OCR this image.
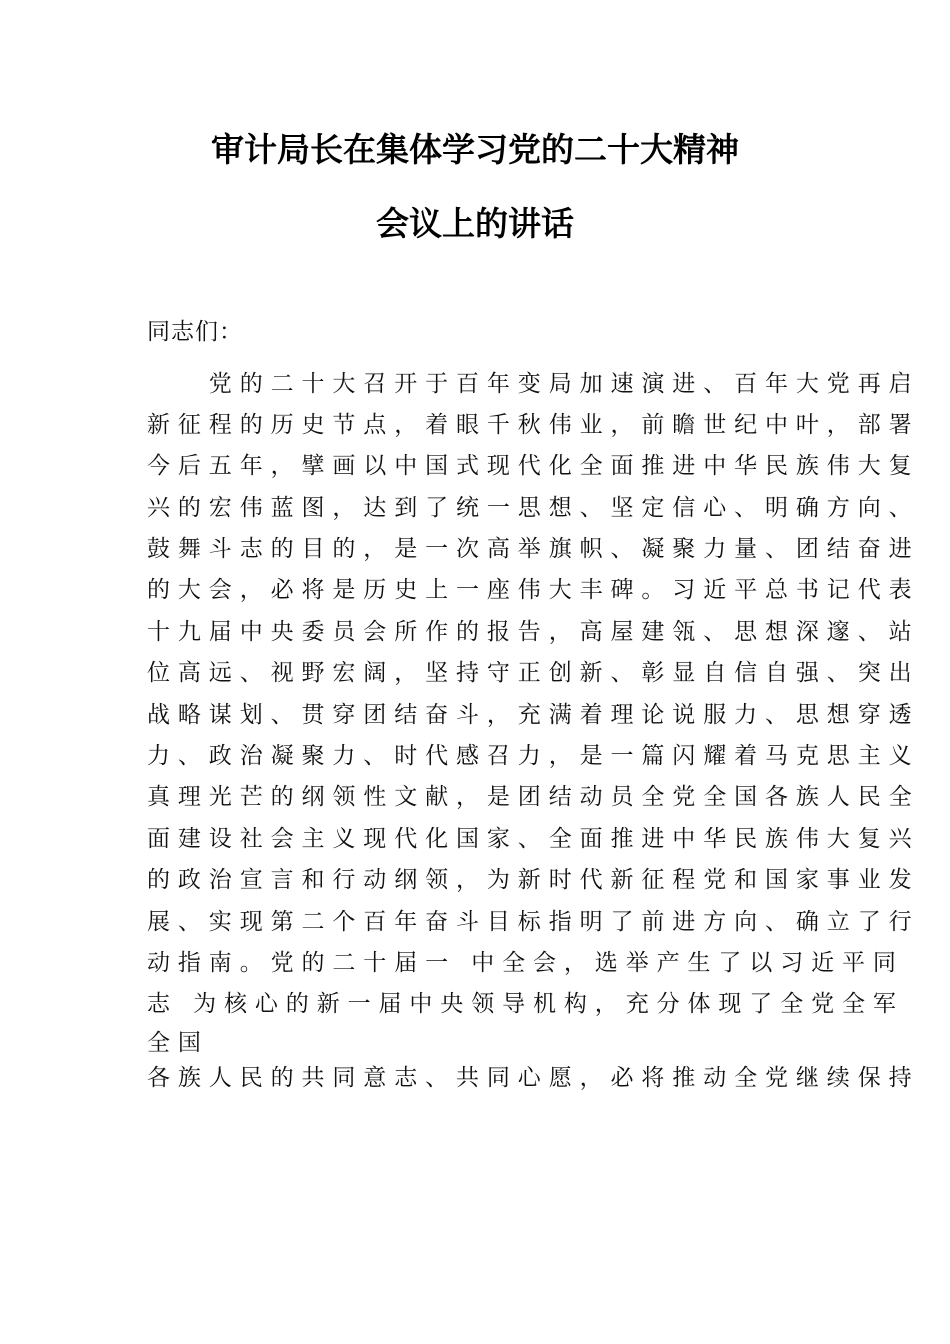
审计局长在集体学习党的二十大精神
会议上的讲话
同志们：
　　党的二十大召开于百年变局加速演进、百年大党再启
新征程的历史节点，着眼千秋伟业，前瞻世纪中叶，部署
今后五年，擘画以中国式现代化全面推进中华民族伟大复
兴的宏伟蓝图，达到了统一思想、坚定信心、明确方向、
鼓舞斗志的目的，是一次高举旗帜、凝聚力量、团结奋进
的大会，必将是历史上一座伟大丰碑。习近平总书记代表
十九届中央委员会所作的报告，高屋建瓴、思想深邃、站
位高远、视野宏阔，坚持守正创新、彰显自信自强、突出
战略谋划、贯穿团结奋斗，充满着理论说服力、思想穿透
力、政治凝聚力、时代感召力，是一篇闪耀着马克思主义
真理光芒的纲领性文献，是团结动员全党全国各族人民全
面建设社会主义现代化国家、全面推进中华民族伟大复兴
的政治宣言和行动纲领，为新时代新征程党和国家事业发
展、实现第二个百年奋斗目标指明了前进方向、确立了行
动指南。党的二十届一 中全会，选举产生了以习近平同
志 为核心的新一届中央领导机构，充分体现了全党全军
全国
各族人民的共同意志、共同心愿，必将推动全党继续保持
